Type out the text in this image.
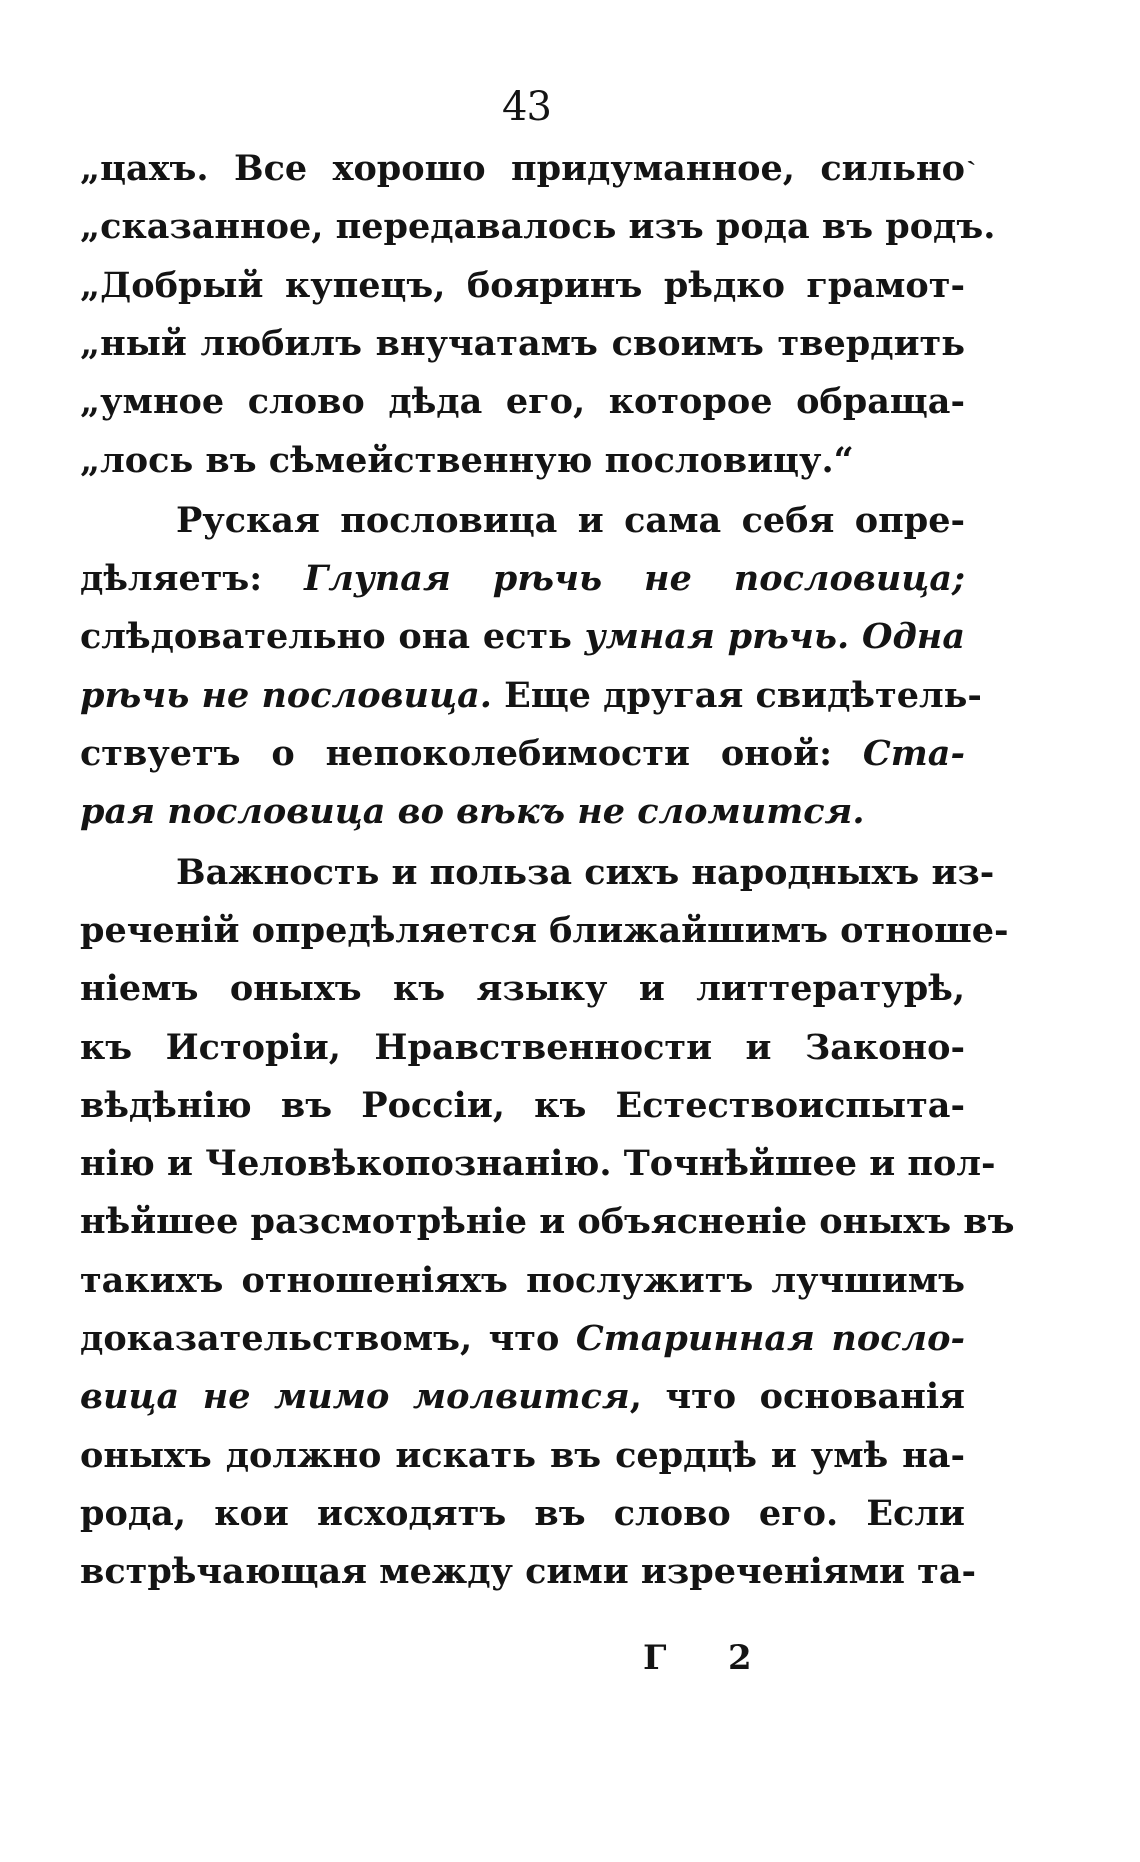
43
ˎ
„цахъ. Все хорошо придуманное, сильно
„сказанное, передавалось изъ рода въ родъ.
„Добрый купецъ, бояринъ рѣдко грамот-
„ный любилъ внучатамъ своимъ твердить
„умное слово дѣда его, которое обраща-
„лось въ сѣмейственную пословицу.“
Руская пословица и сама себя опре-
дѣляетъ: Глупая рѣчь не пословица;
слѣдовательно она есть умная рѣчь. Одна
рѣчь не пословица. Еще другая свидѣтель-
ствуетъ о непоколебимости оной: Ста-
рая пословица во вѣкъ не сломится.
Важность и польза сихъ народныхъ из-
реченій опредѣляется ближайшимъ отноше-
ніемъ оныхъ къ языку и литтературѣ,
къ Исторіи, Нравственности и Законо-
вѣдѣнію въ Россіи, къ Естествоиспыта-
нію и Человѣкопознанію. Точнѣйшее и пол-
нѣйшее разсмотрѣніе и объясненіе оныхъ въ
такихъ отношеніяхъ послужитъ лучшимъ
доказательствомъ, что Старинная посло-
вица не мимо молвится, что основанія
оныхъ должно искать въ сердцѣ и умѣ на-
рода, кои исходятъ въ слово его. Если
встрѣчающая между сими изреченіями та-
Г 2
